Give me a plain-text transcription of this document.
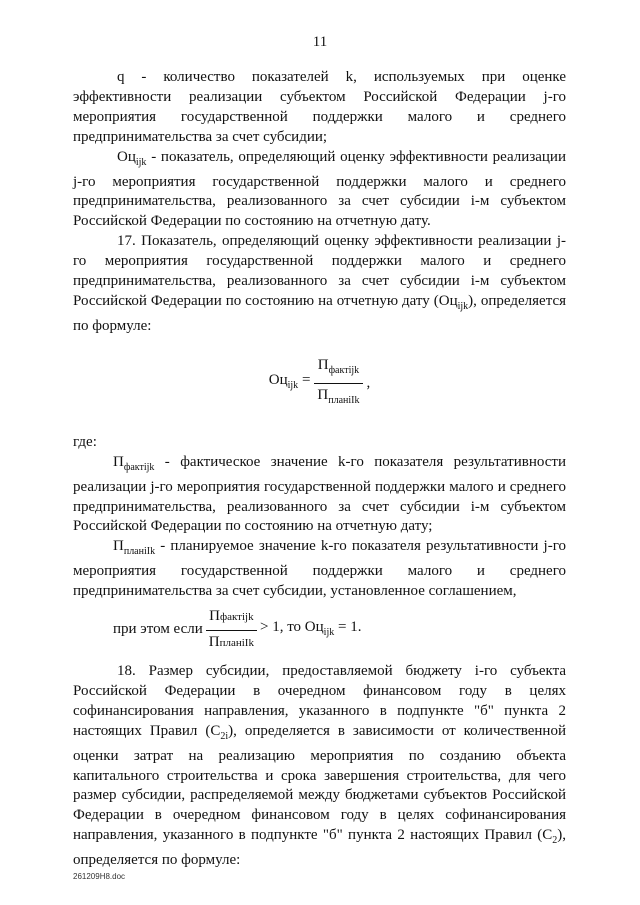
11

q - количество показателей k, используемых при оценке эффективности реализации субъектом Российской Федерации j-го мероприятия государственной поддержки малого и среднего предпринимательства за счет субсидии;

$Оц_{ijk}$ - показатель, определяющий оценку эффективности реализации j-го мероприятия государственной поддержки малого и среднего предпринимательства, реализованного за счет субсидии i-м субъектом Российской Федерации по состоянию на отчетную дату.

17. Показатель, определяющий оценку эффективности реализации j-го мероприятия государственной поддержки малого и среднего предпринимательства, реализованного за счет субсидии i-м субъектом Российской Федерации по состоянию на отчетную дату $(Оц_{ijk})$, определяется по формуле:

$Оц_{ijk} = \frac{П_{фактijk}}{П_{планiIk}}$ ,

где:

$П_{фактijk}$ - фактическое значение k-го показателя результативности реализации j-го мероприятия государственной поддержки малого и среднего предпринимательства, реализованного за счет субсидии i-м субъектом Российской Федерации по состоянию на отчетную дату;

$П_{планiIk}$ - планируемое значение k-го показателя результативности j-го мероприятия государственной поддержки малого и среднего предпринимательства за счет субсидии, установленное соглашением,

при этом если $\frac{\text{Пфактijk}}{\text{ПпланiIk}} > 1$, то $Оц_{ijk} = 1$.

18. Размер субсидии, предоставляемой бюджету i-го субъекта Российской Федерации в очередном финансовом году в целях софинансирования направления, указанного в подпункте "б" пункта 2 настоящих Правил $(С_{2i})$, определяется в зависимости от количественной оценки затрат на реализацию мероприятия по созданию объекта капитального строительства и срока завершения строительства, для чего размер субсидии, распределяемой между бюджетами субъектов Российской Федерации в очередном финансовом году в целях софинансирования направления, указанного в подпункте "б" пункта 2 настоящих Правил $(С_2)$, определяется по формуле:

261209Н8.doc
